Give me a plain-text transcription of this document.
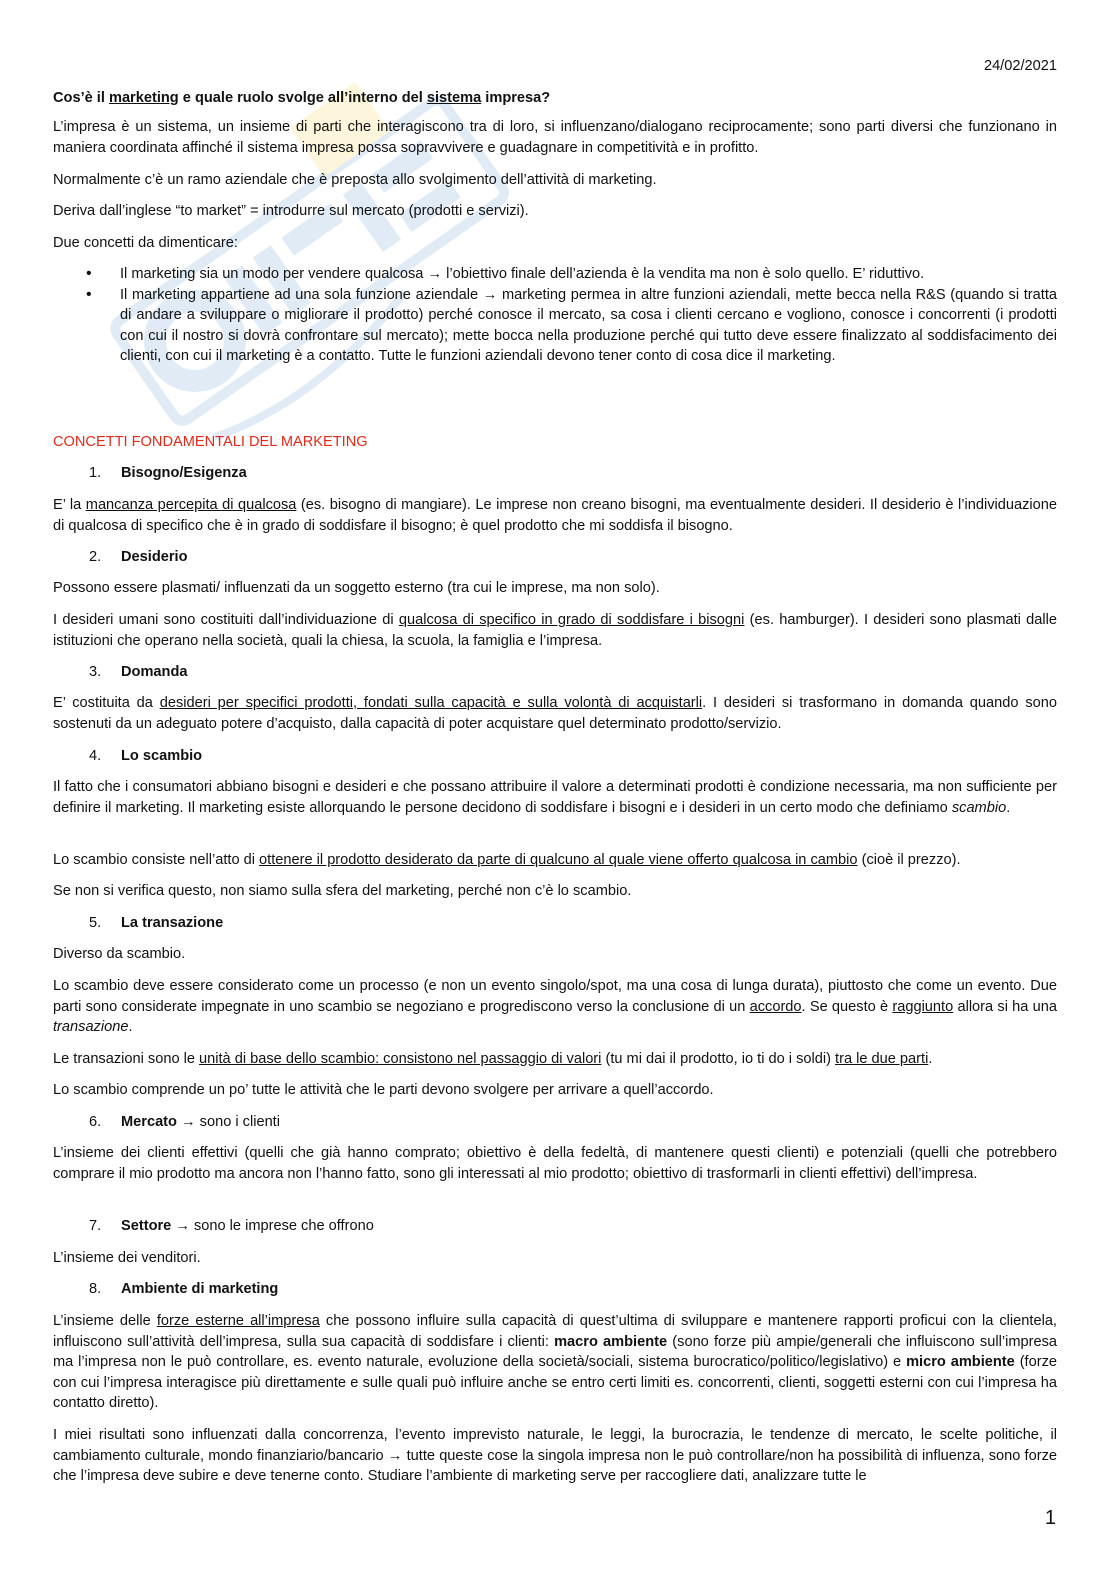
24/02/2021

Cos’è il marketing e quale ruolo svolge all’interno del sistema impresa?

L’impresa è un sistema, un insieme di parti che interagiscono tra di loro, si influenzano/dialogano reciprocamente; sono parti diversi che funzionano in maniera coordinata affinché il sistema impresa possa sopravvivere e guadagnare in competitività e in profitto.

Normalmente c’è un ramo aziendale che è preposta allo svolgimento dell’attività di marketing.

Deriva dall’inglese “to market” = introdurre sul mercato (prodotti e servizi).

Due concetti da dimenticare:

• Il marketing sia un modo per vendere qualcosa → l’obiettivo finale dell’azienda è la vendita ma non è solo quello. E’ riduttivo.
• Il marketing appartiene ad una sola funzione aziendale → marketing permea in altre funzioni aziendali, mette becca nella R&S (quando si tratta di andare a sviluppare o migliorare il prodotto) perché conosce il mercato, sa cosa i clienti cercano e vogliono, conosce i concorrenti (i prodotti con cui il nostro si dovrà confrontare sul mercato); mette bocca nella produzione perché qui tutto deve essere finalizzato al soddisfacimento dei clienti, con cui il marketing è a contatto. Tutte le funzioni aziendali devono tener conto di cosa dice il marketing.

CONCETTI FONDAMENTALI DEL MARKETING

1. Bisogno/Esigenza

E’ la mancanza percepita di qualcosa (es. bisogno di mangiare). Le imprese non creano bisogni, ma eventualmente desideri. Il desiderio è l’individuazione di qualcosa di specifico che è in grado di soddisfare il bisogno; è quel prodotto che mi soddisfa il bisogno.

2. Desiderio

Possono essere plasmati/ influenzati da un soggetto esterno (tra cui le imprese, ma non solo).

I desideri umani sono costituiti dall’individuazione di qualcosa di specifico in grado di soddisfare i bisogni (es. hamburger). I desideri sono plasmati dalle istituzioni che operano nella società, quali la chiesa, la scuola, la famiglia e l’impresa.

3. Domanda

E’ costituita da desideri per specifici prodotti, fondati sulla capacità e sulla volontà di acquistarli. I desideri si trasformano in domanda quando sono sostenuti da un adeguato potere d’acquisto, dalla capacità di poter acquistare quel determinato prodotto/servizio.

4. Lo scambio

Il fatto che i consumatori abbiano bisogni e desideri e che possano attribuire il valore a determinati prodotti è condizione necessaria, ma non sufficiente per definire il marketing. Il marketing esiste allorquando le persone decidono di soddisfare i bisogni e i desideri in un certo modo che definiamo scambio.

Lo scambio consiste nell’atto di ottenere il prodotto desiderato da parte di qualcuno al quale viene offerto qualcosa in cambio (cioè il prezzo).

Se non si verifica questo, non siamo sulla sfera del marketing, perché non c’è lo scambio.

5. La transazione

Diverso da scambio.

Lo scambio deve essere considerato come un processo (e non un evento singolo/spot, ma una cosa di lunga durata), piuttosto che come un evento. Due parti sono considerate impegnate in uno scambio se negoziano e progrediscono verso la conclusione di un accordo. Se questo è raggiunto allora si ha una transazione.

Le transazioni sono le unità di base dello scambio: consistono nel passaggio di valori (tu mi dai il prodotto, io ti do i soldi) tra le due parti.

Lo scambio comprende un po’ tutte le attività che le parti devono svolgere per arrivare a quell’accordo.

6. Mercato → sono i clienti

L’insieme dei clienti effettivi (quelli che già hanno comprato; obiettivo è della fedeltà, di mantenere questi clienti) e potenziali (quelli che potrebbero comprare il mio prodotto ma ancora non l’hanno fatto, sono gli interessati al mio prodotto; obiettivo di trasformarli in clienti effettivi) dell’impresa.

7. Settore → sono le imprese che offrono

L’insieme dei venditori.

8. Ambiente di marketing

L’insieme delle forze esterne all’impresa che possono influire sulla capacità di quest’ultima di sviluppare e mantenere rapporti proficui con la clientela, influiscono sull’attività dell’impresa, sulla sua capacità di soddisfare i clienti: macro ambiente (sono forze più ampie/generali che influiscono sull’impresa ma l’impresa non le può controllare, es. evento naturale, evoluzione della società/sociali, sistema burocratico/politico/legislativo) e micro ambiente (forze con cui l’impresa interagisce più direttamente e sulle quali può influire anche se entro certi limiti es. concorrenti, clienti, soggetti esterni con cui l’impresa ha contatto diretto).

I miei risultati sono influenzati dalla concorrenza, l’evento imprevisto naturale, le leggi, la burocrazia, le tendenze di mercato, le scelte politiche, il cambiamento culturale, mondo finanziario/bancario → tutte queste cose la singola impresa non le può controllare/non ha possibilità di influenza, sono forze che l’impresa deve subire e deve tenerne conto. Studiare l’ambiente di marketing serve per raccogliere dati, analizzare tutte le

1
